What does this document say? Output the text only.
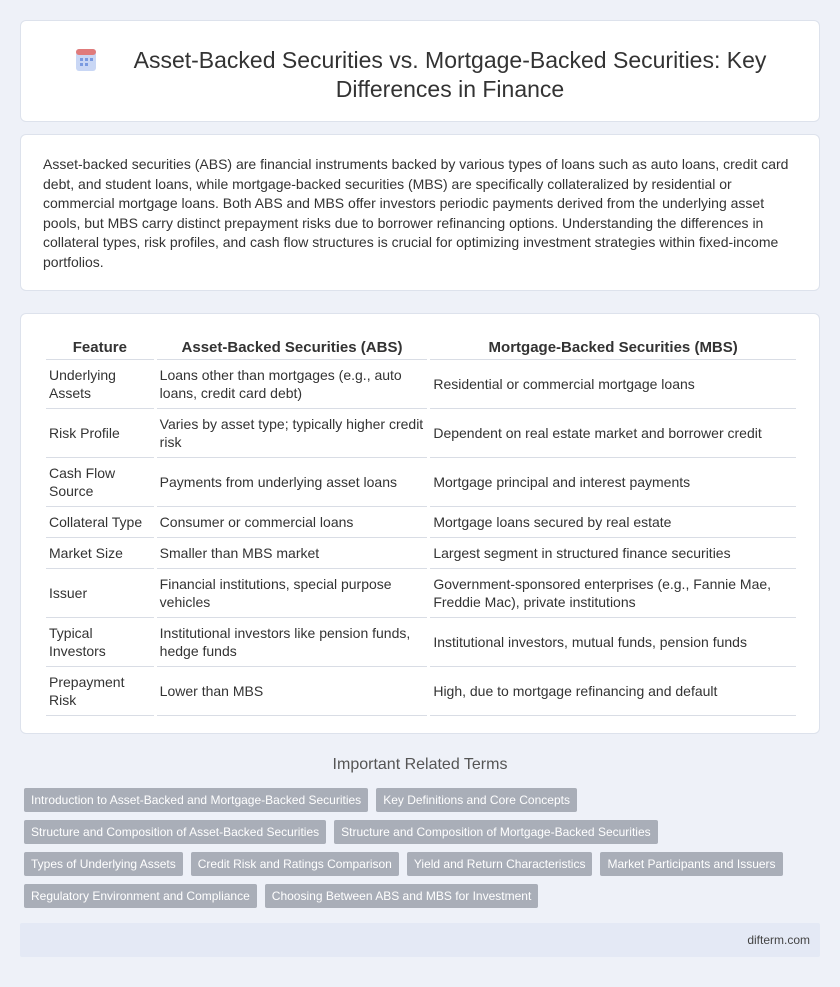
Asset-Backed Securities vs. Mortgage-Backed Securities: Key Differences in Finance

Asset-backed securities (ABS) are financial instruments backed by various types of loans such as auto loans, credit card debt, and student loans, while mortgage-backed securities (MBS) are specifically collateralized by residential or commercial mortgage loans. Both ABS and MBS offer investors periodic payments derived from the underlying asset pools, but MBS carry distinct prepayment risks due to borrower refinancing options. Understanding the differences in collateral types, risk profiles, and cash flow structures is crucial for optimizing investment strategies within fixed-income portfolios.

Feature	Asset-Backed Securities (ABS)	Mortgage-Backed Securities (MBS)
Underlying Assets	Loans other than mortgages (e.g., auto loans, credit card debt)	Residential or commercial mortgage loans
Risk Profile	Varies by asset type; typically higher credit risk	Dependent on real estate market and borrower credit
Cash Flow Source	Payments from underlying asset loans	Mortgage principal and interest payments
Collateral Type	Consumer or commercial loans	Mortgage loans secured by real estate
Market Size	Smaller than MBS market	Largest segment in structured finance securities
Issuer	Financial institutions, special purpose vehicles	Government-sponsored enterprises (e.g., Fannie Mae, Freddie Mac), private institutions
Typical Investors	Institutional investors like pension funds, hedge funds	Institutional investors, mutual funds, pension funds
Prepayment Risk	Lower than MBS	High, due to mortgage refinancing and default
Important Related Terms
Introduction to Asset-Backed and Mortgage-Backed Securities	Key Definitions and Core Concepts
Structure and Composition of Asset-Backed Securities	Structure and Composition of Mortgage-Backed Securities
Types of Underlying Assets	Credit Risk and Ratings Comparison	Yield and Return Characteristics	Market Participants and Issuers
Regulatory Environment and Compliance	Choosing Between ABS and MBS for Investment
difterm.com
